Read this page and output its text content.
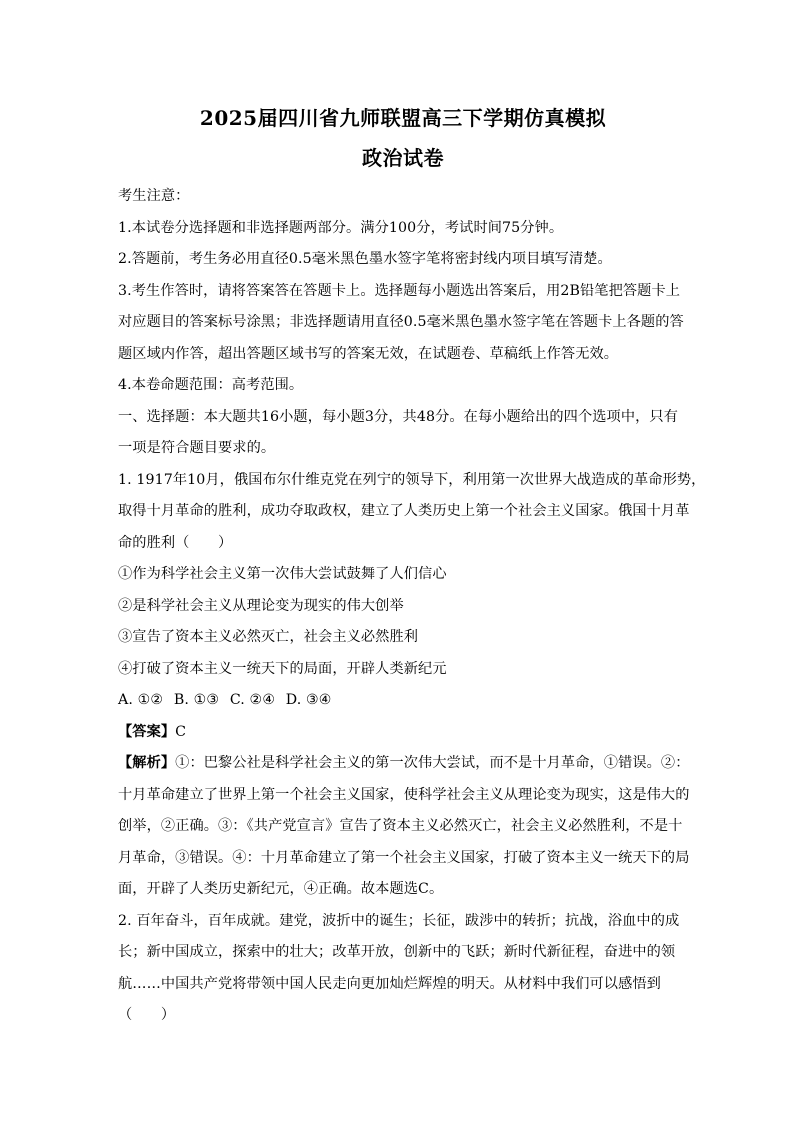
2025届四川省九师联盟高三下学期仿真模拟
政治试卷

考生注意：

1.本试卷分选择题和非选择题两部分。满分100分，考试时间75分钟。

2.答题前，考生务必用直径0.5毫米黑色墨水签字笔将密封线内项目填写清楚。

3.考生作答时，请将答案答在答题卡上。选择题每小题选出答案后，用2B铅笔把答题卡上

对应题目的答案标号涂黑；非选择题请用直径0.5毫米黑色墨水签字笔在答题卡上各题的答

题区域内作答，超出答题区域书写的答案无效，在试题卷、草稿纸上作答无效。

4.本卷命题范围：高考范围。

一、选择题：本大题共16小题，每小题3分，共48分。在每小题给出的四个选项中，只有

一项是符合题目要求的。

1. 1917年10月，俄国布尔什维克党在列宁的领导下，利用第一次世界大战造成的革命形势，

取得十月革命的胜利，成功夺取政权，建立了人类历史上第一个社会主义国家。俄国十月革

命的胜利（　　）

①作为科学社会主义第一次伟大尝试鼓舞了人们信心

②是科学社会主义从理论变为现实的伟大创举

③宣告了资本主义必然灭亡，社会主义必然胜利

④打破了资本主义一统天下的局面，开辟人类新纪元

A. ①② B. ①③ C. ②④ D. ③④

【答案】C

【解析】①：巴黎公社是科学社会主义的第一次伟大尝试，而不是十月革命，①错误。②：

十月革命建立了世界上第一个社会主义国家，使科学社会主义从理论变为现实，这是伟大的

创举，②正确。③：《共产党宣言》宣告了资本主义必然灭亡，社会主义必然胜利，不是十

月革命，③错误。④：十月革命建立了第一个社会主义国家，打破了资本主义一统天下的局

面，开辟了人类历史新纪元，④正确。故本题选C。

2. 百年奋斗，百年成就。建党，波折中的诞生；长征，跋涉中的转折；抗战，浴血中的成

长；新中国成立，探索中的壮大；改革开放，创新中的飞跃；新时代新征程，奋进中的领

航……中国共产党将带领中国人民走向更加灿烂辉煌的明天。从材料中我们可以感悟到

（　　）
